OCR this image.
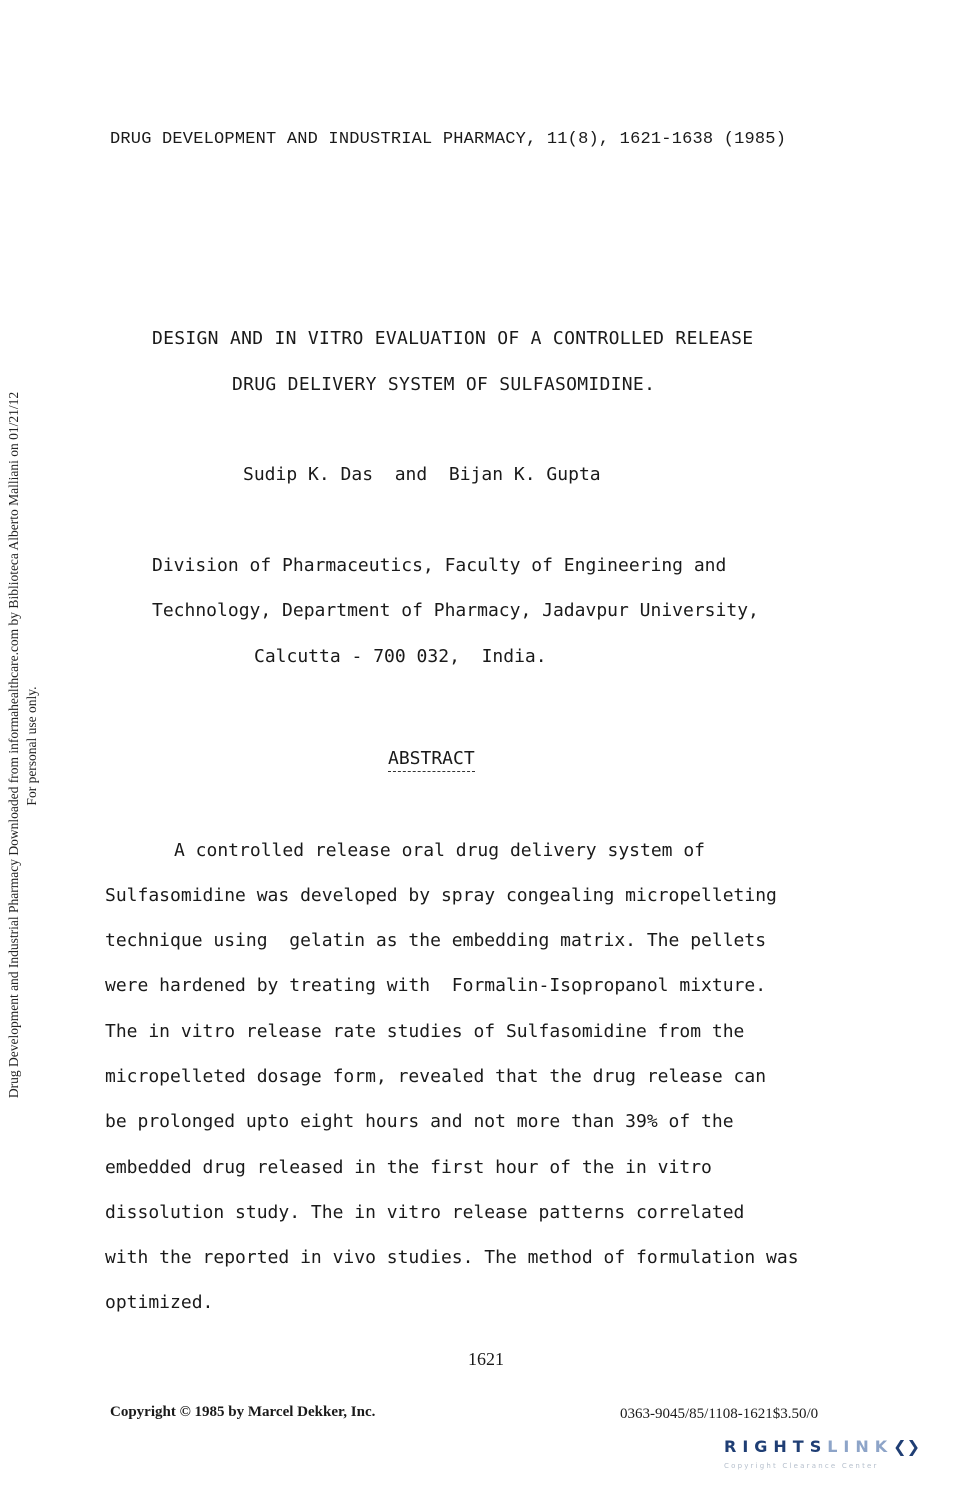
Drug Development and Industrial Pharmacy Downloaded from informahealthcare.com by Biblioteca Alberto Malliani on 01/21/12 For personal use only.
DRUG DEVELOPMENT AND INDUSTRIAL PHARMACY, 11(8), 1621-1638 (1985)
DESIGN AND IN VITRO EVALUATION OF A CONTROLLED RELEASE
DRUG DELIVERY SYSTEM OF SULFASOMIDINE.
Sudip K. Das  and  Bijan K. Gupta
Division of Pharmaceutics, Faculty of Engineering and
Technology, Department of Pharmacy, Jadavpur University,
Calcutta - 700 032,  India.
ABSTRACT
A controlled release oral drug delivery system of
Sulfasomidine was developed by spray congealing micropelleting
technique using  gelatin as the embedding matrix. The pellets
were hardened by treating with  Formalin-Isopropanol mixture.
The in vitro release rate studies of Sulfasomidine from the
micropelleted dosage form, revealed that the drug release can
be prolonged upto eight hours and not more than 39% of the
embedded drug released in the first hour of the in vitro
dissolution study. The in vitro release patterns correlated
with the reported in vivo studies. The method of formulation was
optimized.
1621
Copyright © 1985 by Marcel Dekker, Inc.	0363-9045/85/1108-1621$3.50/0
RIGHTSLINK❮❯
Copyright Clearance Center
